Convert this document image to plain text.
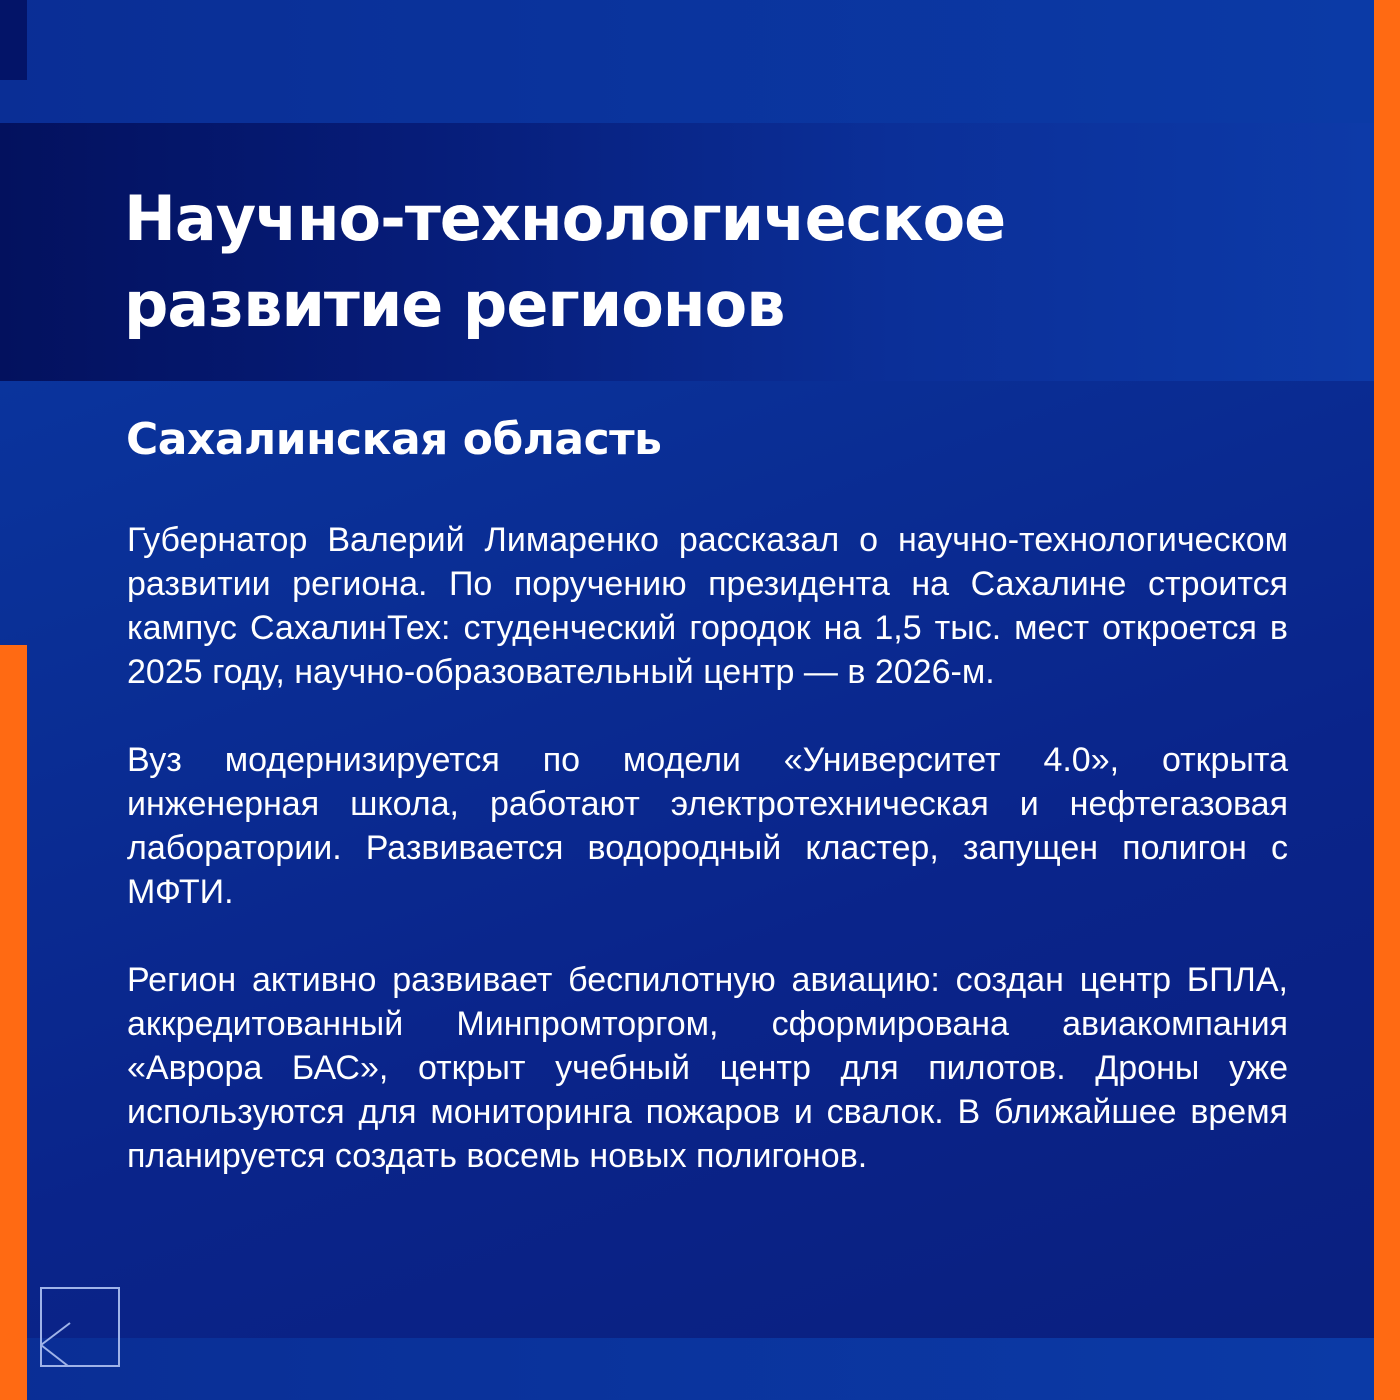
Научно-технологическое
развитие регионов
Сахалинская область

Губернатор Валерий Лимаренко рассказал о научно-технологическом развитии региона. По поручению президента на Сахалине строится кампус СахалинТех: студенческий городок на 1,5 тыс. мест откроется в 2025 году, научно-образовательный центр — в 2026-м.

Вуз модернизируется по модели «Университет 4.0», открыта инженерная школа, работают электротехническая и нефтегазовая лаборатории. Развивается водородный кластер, запущен полигон с МФТИ.

Регион активно развивает беспилотную авиацию: создан центр БПЛА, аккредитованный Минпромторгом, сформирована авиакомпания «Аврора БАС», открыт учебный центр для пилотов. Дроны уже используются для мониторинга пожаров и свалок. В ближайшее время планируется создать восемь новых полигонов.
